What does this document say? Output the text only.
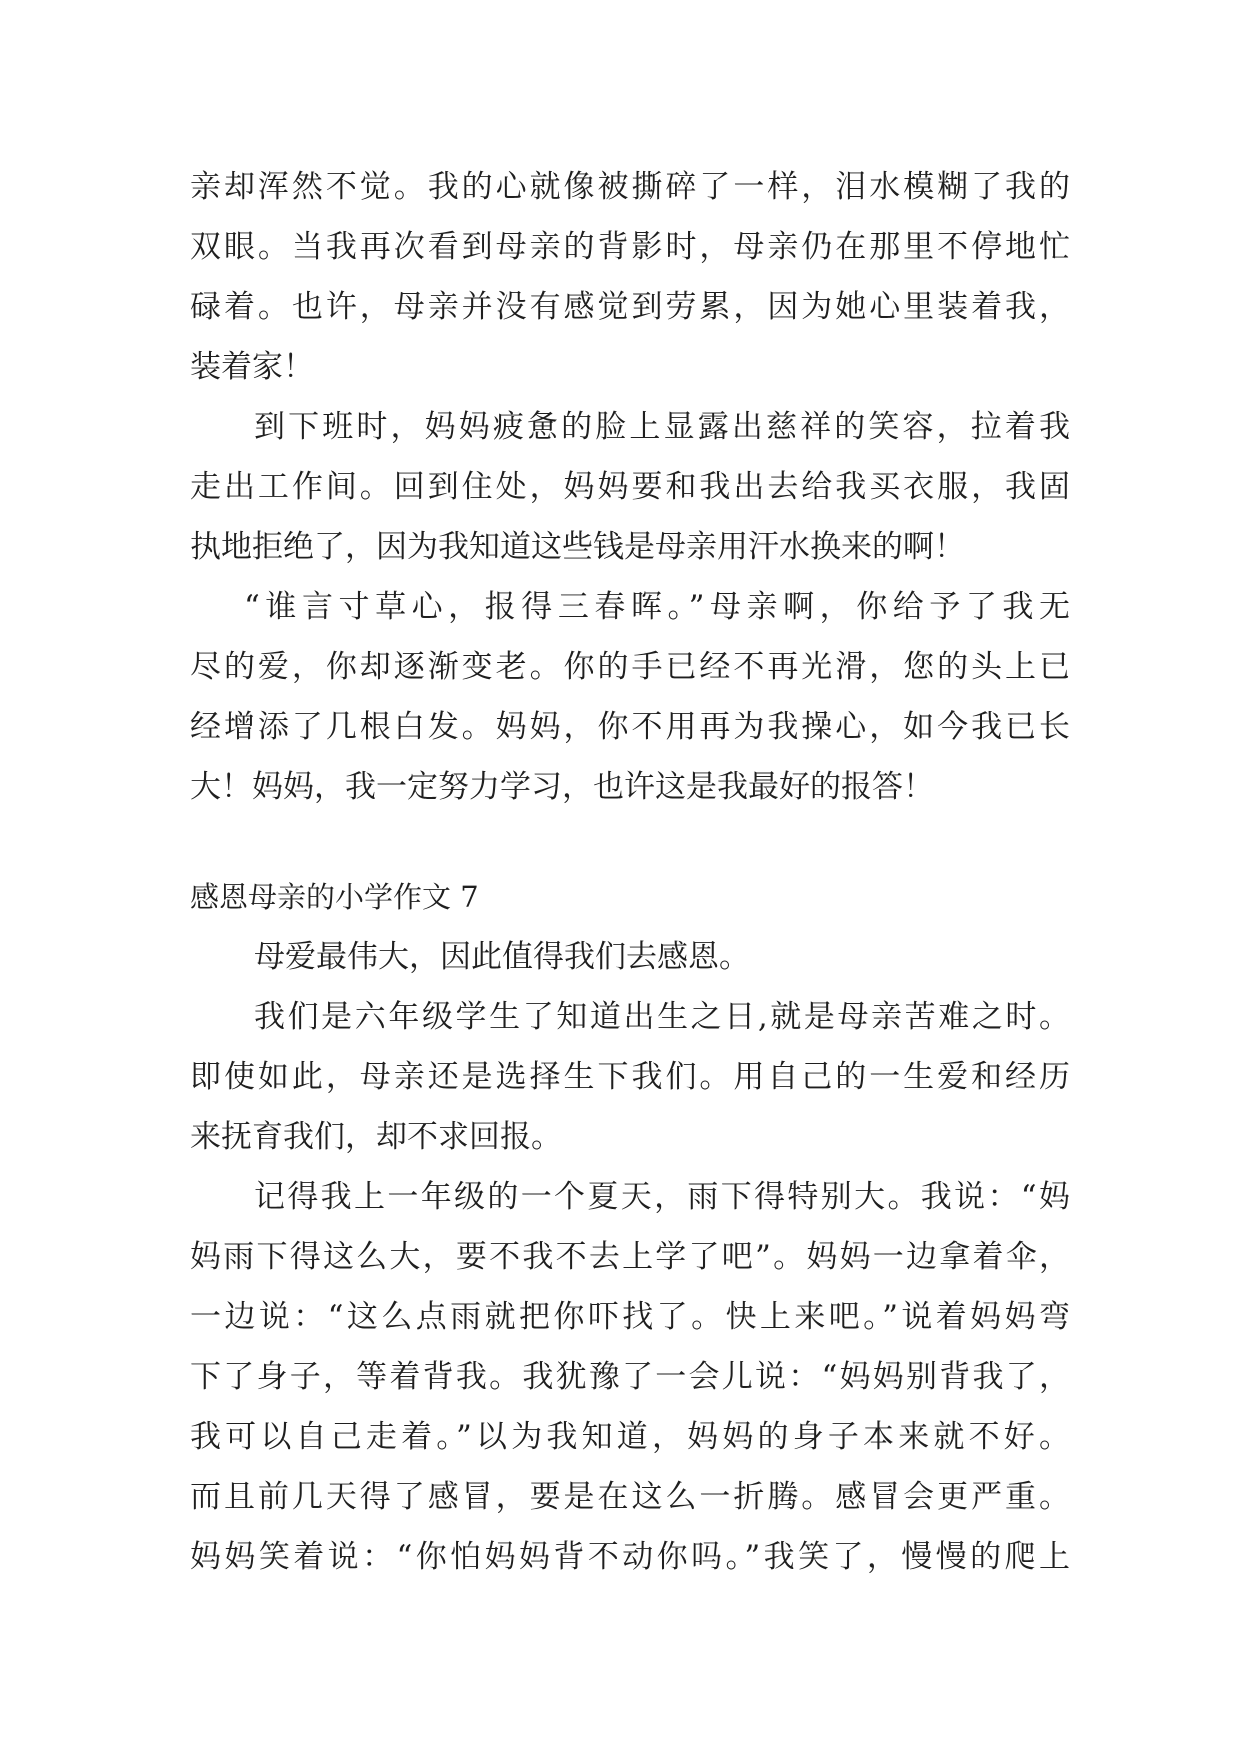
亲却浑然不觉。我的心就像被撕碎了一样，泪水模糊了我的
双眼。当我再次看到母亲的背影时，母亲仍在那里不停地忙
碌着。也许，母亲并没有感觉到劳累，因为她心里装着我，
装着家！
到下班时，妈妈疲惫的脸上显露出慈祥的笑容，拉着我
走出工作间。回到住处，妈妈要和我出去给我买衣服，我固
执地拒绝了，因为我知道这些钱是母亲用汗水换来的啊！
“谁言寸草心，报得三春晖。”母亲啊，你给予了我无
尽的爱，你却逐渐变老。你的手已经不再光滑，您的头上已
经增添了几根白发。妈妈，你不用再为我操心，如今我已长
大！妈妈，我一定努力学习，也许这是我最好的报答！
感恩母亲的小学作文 7
母爱最伟大，因此值得我们去感恩。
我们是六年级学生了知道出生之日,就是母亲苦难之时。
即使如此，母亲还是选择生下我们。用自己的一生爱和经历
来抚育我们，却不求回报。
记得我上一年级的一个夏天，雨下得特别大。我说：“妈
妈雨下得这么大，要不我不去上学了吧”。妈妈一边拿着伞，
一边说：“这么点雨就把你吓找了。快上来吧。”说着妈妈弯
下了身子，等着背我。我犹豫了一会儿说：“妈妈别背我了，
我可以自己走着。”以为我知道，妈妈的身子本来就不好。
而且前几天得了感冒，要是在这么一折腾。感冒会更严重。
妈妈笑着说：“你怕妈妈背不动你吗。”我笑了，慢慢的爬上
